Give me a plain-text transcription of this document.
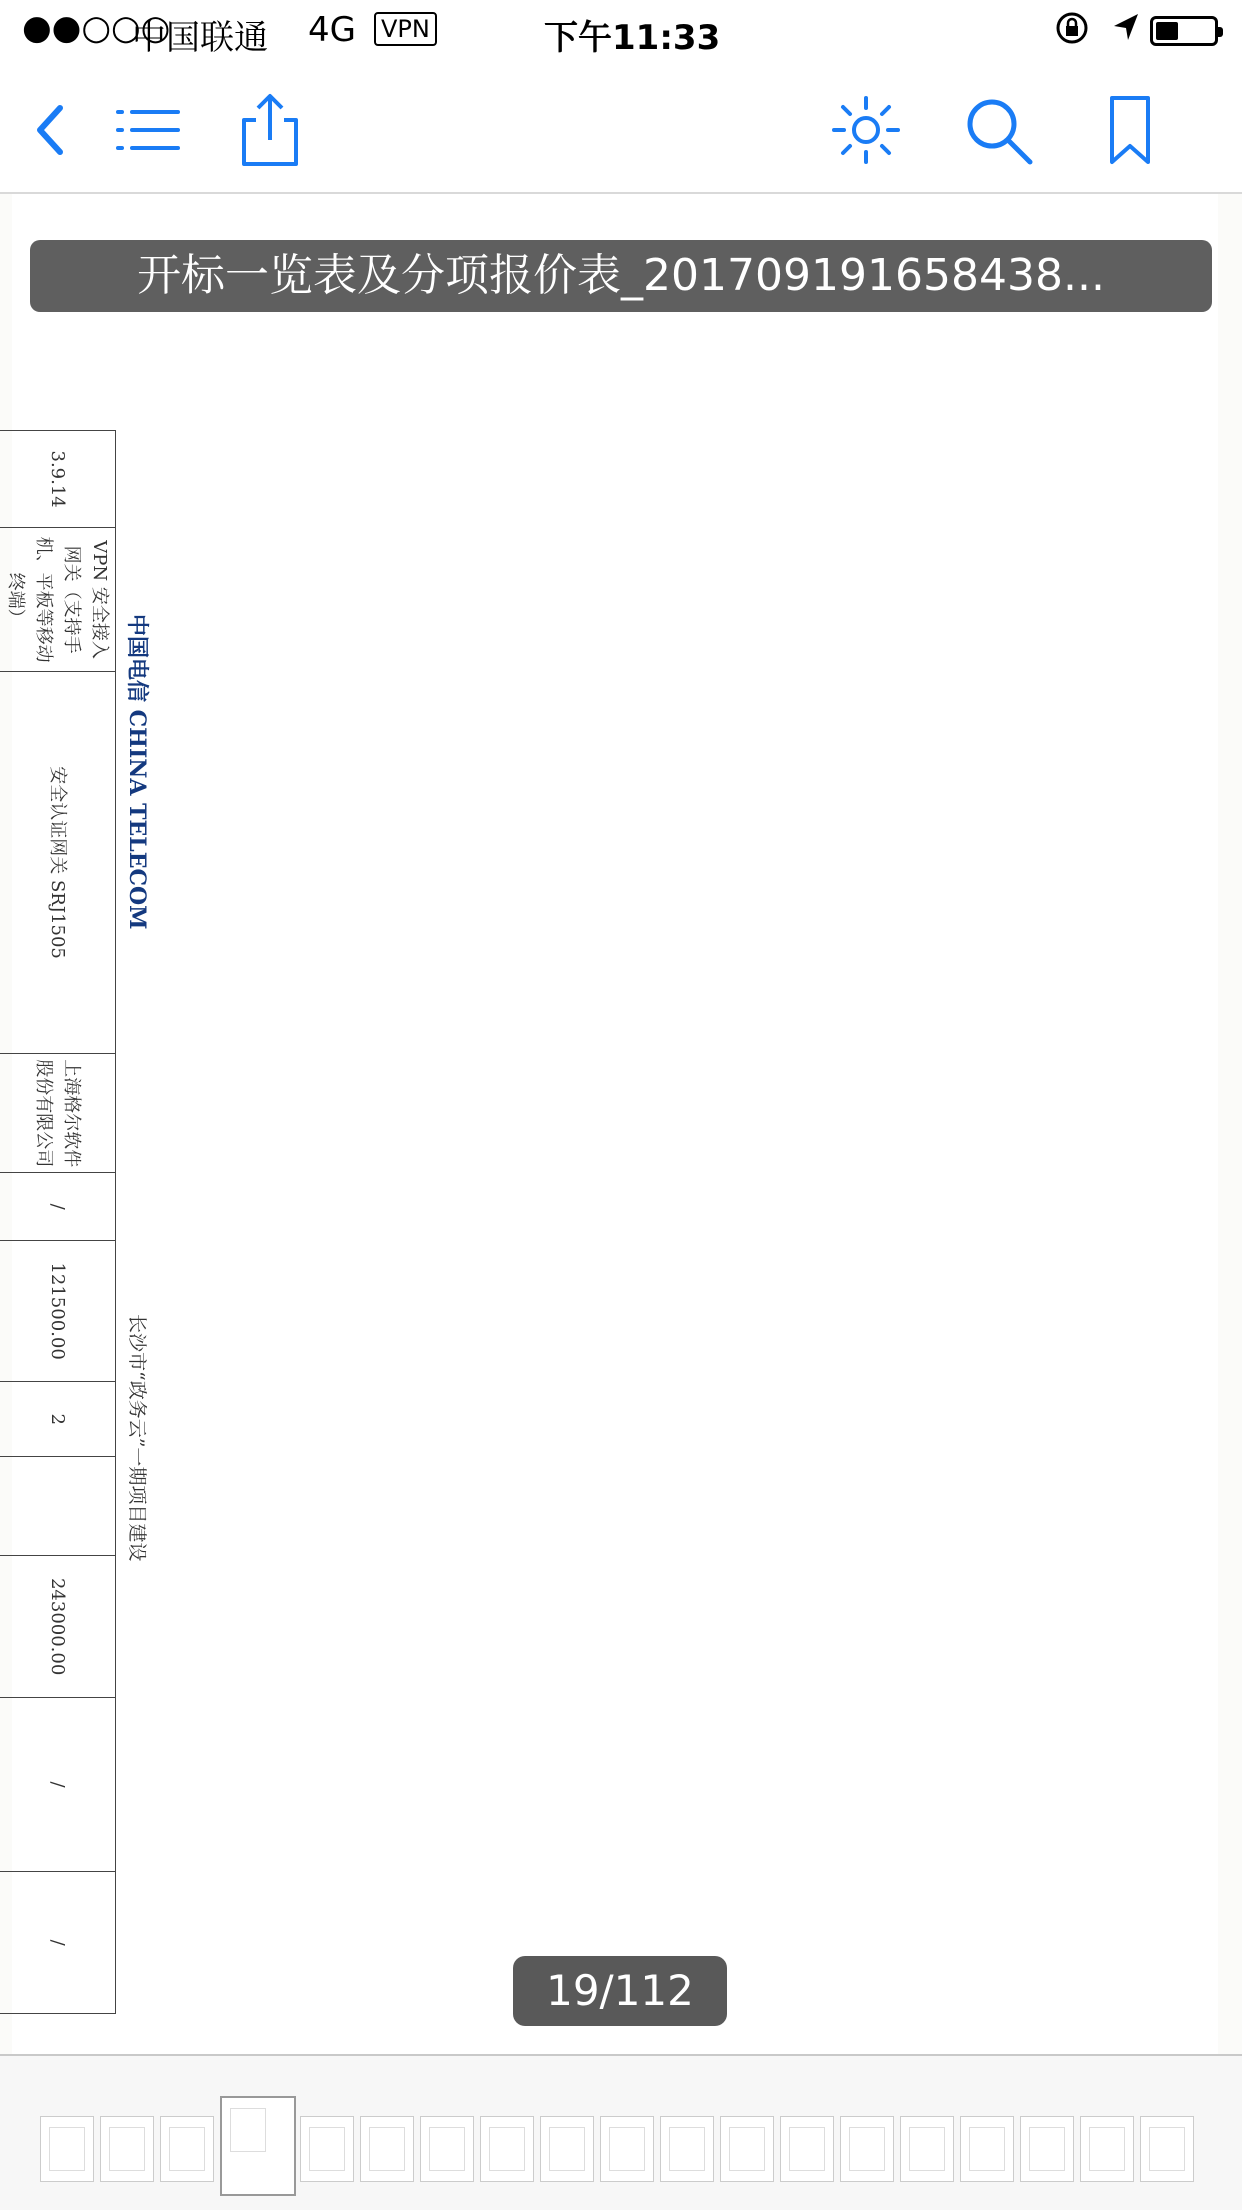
●●○○○
中国联通 4G VPN	下午11:33
长沙市“政务云”一期项目建设
中国电信 CHINA TELECOM
3.9.14	VPN 安全接入网关（支持手机、平板等移动终端）	安全认证网关 SRJ1505	上海格尔软件股份有限公司	/	121500.00	2		243000.00	/	/

开标一览表及分项报价表_201709191658438...
19/112
